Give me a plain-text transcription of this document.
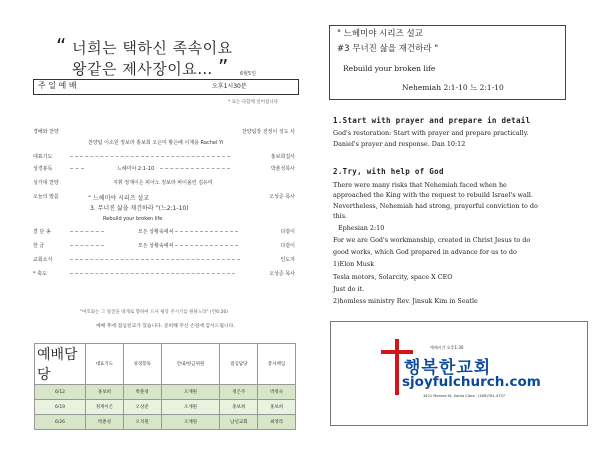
“ 너희는 택하신 족속이요
왕같은 제사장이요… ” 6월5일
주 일 예 배	오후1시30분
* 표는 다함께 일어섭니다
경배와 찬양	찬양팀장 전정이 성도 사
찬양팀 이소원 정보라 홍보희 오은미 황은배 이재용 Rachel Yi
대표기도	홍보희집사
성경봉독	느헤미야 2:1-10	박춘성목사
성가대 찬양	지휘 정재이은 피아노 정보라 바이올린 김유미
오늘의 말씀	“ 느헤미야 시리즈 설교	오상준 목사
3. 무너진 삶을 재건하라 ”(느2:1-10)
Rebuild your broken life
결 단 송	모든 상황속에서	다같이
헌 금	모든 상황속에서	다같이
교회소식	인도자
* 축도	오상준 목사
"여호와는 그 얼굴을 네게로 향하여 드사 평강 주시기를 원하노라" (민6:26)
예배 후에 점심친교가 있습니다. 준비해 주신 손길에 감사드립니다.
예배담당	대표기도	성경봉독	안내/헌금위원	점심담당	봉사책임
6/12	홍보희	박춘성	오재원	정은주	박정숙
6/19	정재이은	오상준	오재원	홍보희	홍보희
6/26	박춘성	오지원	오재원	남선교회	최영라
" 느헤미야 시리즈 설교
#3 무너진 삶을 재건하라 "
Rebuild your broken life
Nehemiah 2:1-10 느 2:1-10
1.Start with prayer and prepare in detail
God's restoration: Start with prayer and prepare practically.
Daniel's prayer and response. Dan 10:12
2.Try, with help of God
There were many risks that Nehemiah faced when he
approached the King with the request to rebuild Israel's wall.
Nevertheless, Nehemiah had strong, prayerful conviction to do
this.
Ephesian 2:10
For we are God's workmanship, created in Christ Jesus to do
good works, which God prepared in advance for us to do
1)Elon Musk
Tesla motors, Solarcity, space X CEO
Just do it.
2)homless ministry Rev. Jinsuk Kim in Seatle
예배시간 오후1:30
행복한교회
sjoyfulchurch.com
3421 Monroe St. Santa Clara · (408)761-4757
